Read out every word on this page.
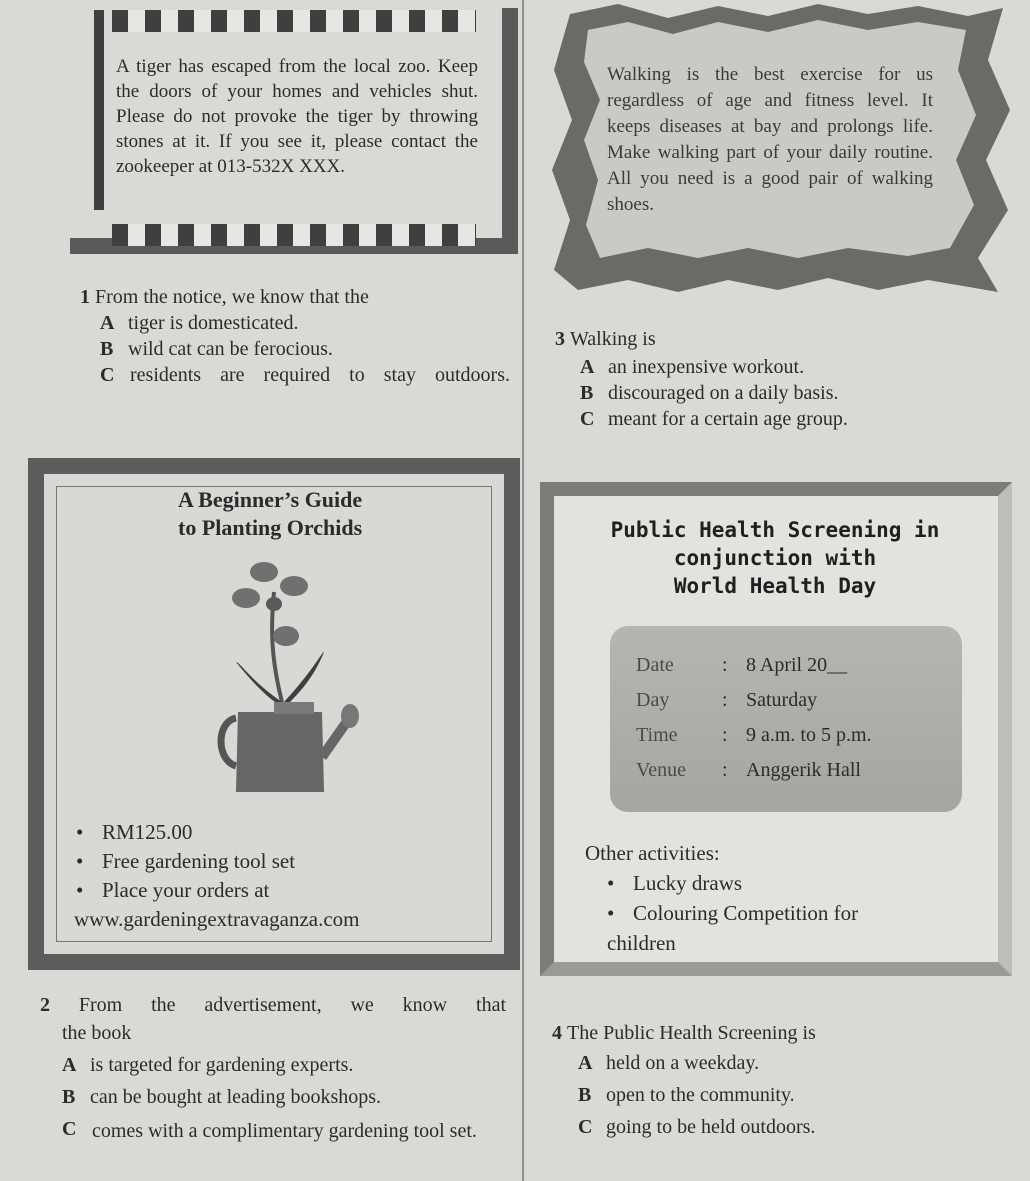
A tiger has escaped from the local zoo. Keep the doors of your homes and vehicles shut. Please do not provoke the tiger by throwing stones at it. If you see it, please contact the zookeeper at 013-532X XXX.
Walking is the best exercise for us regardless of age and fitness level. It keeps diseases at bay and prolongs life. Make walking part of your daily routine. All you need is a good pair of walking shoes.
1 From the notice, we know that the
A tiger is domesticated.
B wild cat can be ferocious.
C residents are required to stay outdoors.
3 Walking is
A an inexpensive workout.
B discouraged on a daily basis.
C meant for a certain age group.
A Beginner’s Guide
to Planting Orchids
• RM125.00
• Free gardening tool set
• Place your orders at
www.gardeningextravaganza.com
Public Health Screening in
conjunction with
World Health Day
Date : 8 April 20__
Day	: Saturday
Time : 9 a.m. to 5 p.m.
Venue : Anggerik Hall
Other activities:
• Lucky draws
• Colouring Competition for
children
2 From the advertisement, we know that
the book
A is targeted for gardening experts.
B can be bought at leading bookshops.
C comes with a complimentary gardening tool set.
4 The Public Health Screening is
A held on a weekday.
B open to the community.
C going to be held outdoors.
